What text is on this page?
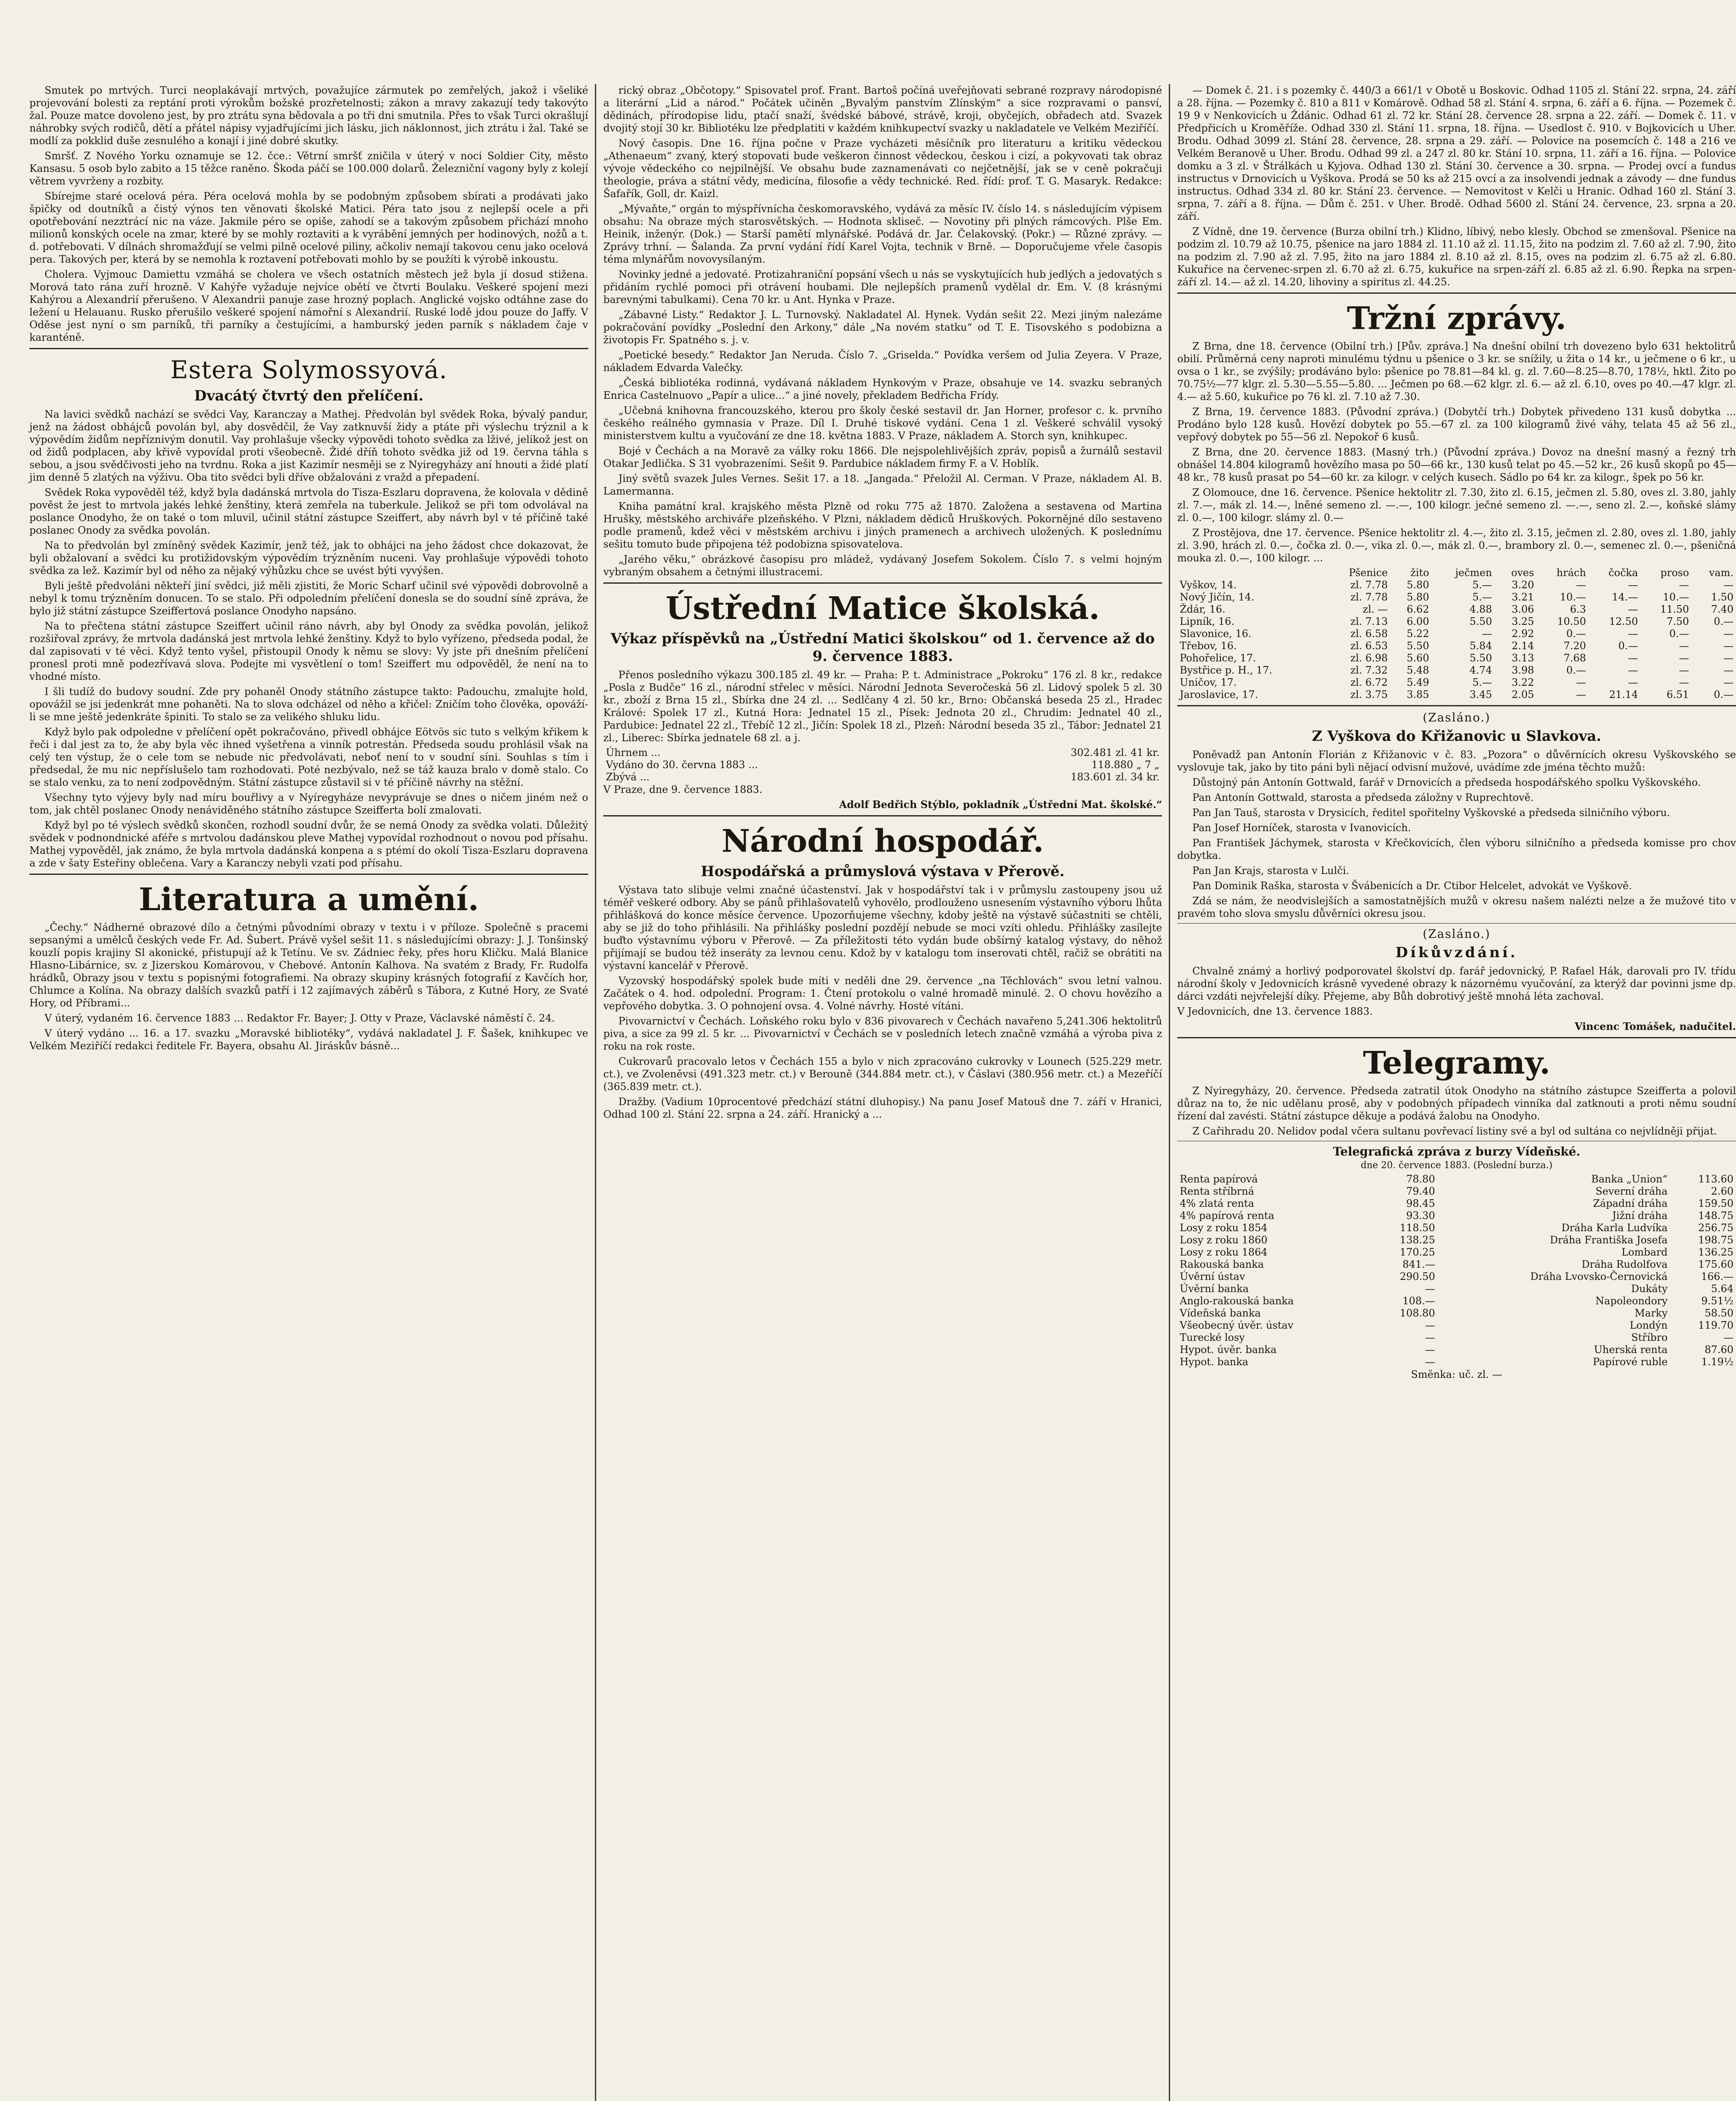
Smutek po mrtvých. Turci neoplakávají mrtvých, považujíce zármutek po zemřelých, jakož i všeliké projevování bolesti za reptání proti výrokům božské prozřetelnosti; zákon a mravy zakazují tedy takovýto žal. Pouze matce dovoleno jest, by pro ztrátu syna bědovala a po tři dni smutnila. Přes to však Turci okrašlují náhrobky svých rodičů, dětí a přátel nápisy vyjadřujícími jich lásku, jich náklonnost, jich ztrátu i žal. Také se modlí za pokklid duše zesnulého a konají i jiné dobré skutky.

Smršť. Z Nového Yorku oznamuje se 12. čce.: Větrní smršť zničila v úterý v noci Soldier City, město Kansasu. 5 osob bylo zabito a 15 těžce raněno. Škoda páčí se 100.000 dolarů. Železniční vagony byly z kolejí větrem vyvrženy a rozbity.

Sbírejme staré ocelová péra. Péra ocelová mohla by se podobným způsobem sbírati a prodávati jako špičky od doutníků a čistý výnos ten věnovati školské Matici. Péra tato jsou z nejlepší ocele a při opotřebování nezztrácí nic na váze. Jakmile péro se opiše, zahodí se a takovým způsobem přichází mnoho milionů konských ocele na zmar, které by se mohly roztaviti a k vyrábění jemných per hodinových, nožů a t. d. potřebovati. V dílnách shromažďují se velmi pilně ocelové piliny, ačkoliv nemají takovou cenu jako ocelová pera. Takových per, která by se nemohla k roztavení potřebovati mohlo by se použíti k výrobě inkoustu.

Cholera. Vyjmouc Damiettu vzmáhá se cholera ve všech ostatních městech jež byla jí dosud stižena. Morová tato rána zuří hrozně. V Kahýře vyžaduje nejvíce obětí ve čtvrti Boulaku. Veškeré spojení mezi Kahýrou a Alexandrií přerušeno. V Alexandrii panuje zase hrozný poplach. Anglické vojsko odtáhne zase do ležení u Helauanu. Rusko přerušilo veškeré spojení námořní s Alexandrií. Ruské lodě jdou pouze do Jaffy. V Oděse jest nyní o sm parníků, tři parníky a čestujícími, a hamburský jeden parník s nákladem čaje v karanténě.

Estera Solymossyová.
Dvacátý čtvrtý den přelíčení.

Na lavici svědků nachází se svědci Vay, Karanczay a Mathej. Předvolán byl svědek Roka, bývalý pandur, jenž na žádost obhájců povolán byl, aby dosvědčil, že Vay zatknuvší židy a ptáte při výslechu trýznil a k výpovědím židům nepříznivým donutil. Vay prohlašuje všecky výpovědi tohoto svědka za lživé, jelikož jest on od židů podplacen, aby křivě vypovídal proti všeobecně. Židé dříň tohoto svědka již od 19. června táhla s sebou, a jsou svědčivosti jeho na tvrdnu. Roka a jist Kazimír nesměji se z Nyiregyházy aní hnouti a židé platí jim denně 5 zlatých na výživu. Oba tito svědci byli dříve obžalováni z vražd a přepadení.

Svědek Roka vypověděl též, když byla dadánská mrtvola do Tisza-Eszlaru dopravena, že kolovala v dědině pověst že jest to mrtvola jakés lehké ženštiny, která zemřela na tuberkule. Jelikož se při tom odvolával na poslance Onodyho, že on také o tom mluvil, učinil státní zástupce Szeiffert, aby návrh byl v té příčině také poslanec Onody za svědka povolán.

Na to předvolán byl zmíněný svědek Kazimír, jenž též, jak to obhájci na jeho žádost chce dokazovat, že byli obžalovaní a svědci ku protižidovským výpovědím trýzněním nuceni. Vay prohlašuje výpovědi tohoto svědka za lež. Kazimír byl od něho za nějaký výhůzku chce se uvést býti vyvýšen.

Byli ještě předvoláni někteří jiní svědci, již měli zjistiti, že Moric Scharf učinil své výpovědi dobrovolně a nebyl k tomu trýzněním donucen. To se stalo. Při odpoledním přelíčení donesla se do soudní síně zpráva, že bylo již státní zástupce Szeiffertová poslance Onodyho napsáno.

Na to přečtena státní zástupce Szeiffert učinil ráno návrh, aby byl Onody za svědka povolán, jelikož rozšiřoval zprávy, že mrtvola dadánská jest mrtvola lehké ženštiny. Když to bylo vyřízeno, předseda podal, že dal zapisovati v té věci. Když tento vyšel, přistoupil Onody k němu se slovy: Vy jste při dnešním přelíčení pronesl proti mně podezřívavá slova. Podejte mi vysvětlení o tom! Szeiffert mu odpověděl, že není na to vhodné místo.

I šli tudíž do budovy soudní. Zde pry pohaněl Onody státního zástupce takto: Padouchu, zmalujte hold, opovážil se jsi jedenkrát mne pohaněti. Na to slova odcházel od něho a křičel: Zničím toho člověka, opováží-li se mne ještě jedenkráte špiniti. To stalo se za velikého shluku lidu.

Když bylo pak odpoledne v přelíčení opět pokračováno, přivedl obhájce Eötvös sic tuto s velkým křikem k řeči i dal jest za to, že aby byla věc ihned vyšetřena a vinník potrestán. Předseda soudu prohlásil však na celý ten výstup, že o cele tom se nebude nic předvolávati, neboť není to v soudní síni. Souhlas s tím i předsedal, že mu nic nepříslušelo tam rozhodovati. Poté nezbývalo, než se táž kauza bralo v domě stalo. Co se stalo venku, za to není zodpovědným. Státní zástupce zůstavil si v té příčině návrhy na stěžní.

Všechny tyto výjevy byly nad míru bouřlivy a v Nyíregyháze nevyprávuje se dnes o ničem jiném než o tom, jak chtěl poslanec Onody nenáviděného státního zástupce Szeifferta bolí zmalovati.

Když byl po té výslech svědků skončen, rozhodl soudní dvůr, že se nemá Onody za svědka volati. Důležitý svědek v podnondnické aféře s mrtvolou dadánskou pleve Mathej vypovídal rozhodnout o novou pod přísahu. Mathej vypověděl, jak známo, že byla mrtvola dadánská konpena a s ptémí do okolí Tisza-Eszlaru dopravena a zde v šaty Esteřiny oblečena. Vary a Karanczy nebyli vzati pod přísahu.

Literatura a umění.

„Čechy.“ Nádherné obrazové dílo a četnými původními obrazy v textu i v příloze. Společně s pracemi sepsanými a umělců českých vede Fr. Ad. Šubert. Právě vyšel sešit 11. s následujícími obrazy: J. J. Tonšinský kouzlí popis krajiny Sl akonické, přistupují až k Tetínu. Ve sv. Zádniec řeky, přes horu Kličku. Malá Blanice Hlasno-Libárnice, sv. z Jizerskou Komárovou, v Chebové. Antonín Kalhova. Na svatém z Brady, Fr. Rudolfa hrádků, Obrazy jsou v textu s popisnými fotografiemi. Na obrazy skupiny krásných fotografií z Kavčích hor, Chlumce a Kolína. Na obrazy dalších svazků patří i 12 zajímavých záběrů s Tábora, z Kutné Hory, ze Svaté Hory, od Příbrami...

V úterý, vydaném 16. července 1883 ... Redaktor Fr. Bayer; J. Otty v Praze, Václavské náměstí č. 24.

V úterý vydáno ... 16. a 17. svazku „Moravské bibliotéky“, vydává nakladatel J. F. Šašek, knihkupec ve Velkém Meziříčí redakci ředitele Fr. Bayera, obsahu Al. Jiráskův básně...

rický obraz „Občotopy.“ Spisovatel prof. Frant. Bartoš počíná uveřejňovati sebrané rozpravy národopisné a literární „Lid a národ.“ Počátek učiněn „Byvalým panstvím Zlínským“ a sice rozpravami o pansví, dědinách, přírodopise lidu, ptačí snaží, švédské bábové, strávě, kroji, obyčejích, obřadech atd. Svazek dvojitý stojí 30 kr. Bibliotéku lze předplatiti v každém knihkupectví svazky u nakladatele ve Velkém Meziříčí.

Nový časopis. Dne 16. října počne v Praze vycházeti měsíčník pro literaturu a kritiku vědeckou „Athenaeum“ zvaný, který stopovati bude veškeron činnost vědeckou, českou i cizí, a pokyvovati tak obraz vývoje vědeckého co nejpilnější. Ve obsahu bude zaznamenávati co nejčetnější, jak se v ceně pokračuji theologie, práva a státní vědy, medicína, filosofie a vědy technické. Red. řídí: prof. T. G. Masaryk. Redakce: Šafařík, Goll, dr. Kaizl.

„Mývaňte,“ orgán to mýspřívnícha českomoravského, vydává za měsíc IV. číslo 14. s následujícím výpisem obsahu: Na obraze mých starosvětských. — Hodnota skliseč. — Novotiny při plných rámcových. Plše Em. Heinik, inženýr. (Dok.) — Starší pamětí mlynářské. Podává dr. Jar. Čelakovský. (Pokr.) — Různé zprávy. — Zprávy trhní. — Šalanda. Za první vydání řídí Karel Vojta, technik v Brně. — Doporučujeme vřele časopis téma mlynářům novovysílaným.

Novinky jedné a jedovaté. Protizahraniční popsání všech u nás se vyskytujících hub jedlých a jedovatých s přidáním rychlé pomoci při otrávení houbami. Dle nejlepších pramenů vydělal dr. Em. V. (8 krásnými barevnými tabulkami). Cena 70 kr. u Ant. Hynka v Praze.

„Zábavné Listy.“ Redaktor J. L. Turnovský. Nakladatel Al. Hynek. Vydán sešit 22. Mezi jiným nalezáme pokračování povídky „Poslední den Arkony,“ dále „Na novém statku“ od T. E. Tisovského s podobizna a životopis Fr. Spatného s. j. v.

„Poetické besedy.“ Redaktor Jan Neruda. Číslo 7. „Griselda.“ Povídka veršem od Julia Zeyera. V Praze, nákladem Edvarda Valečky.

„Česká bibliotéka rodinná, vydávaná nákladem Hynkovým v Praze, obsahuje ve 14. svazku sebraných Enrica Castelnuovo „Papír a ulice...“ a jiné novely, překladem Bedřicha Frídy.

„Učebná knihovna francouzského, kterou pro školy české sestavil dr. Jan Horner, profesor c. k. prvního českého reálného gymnasia v Praze. Díl I. Druhé tiskové vydání. Cena 1 zl. Veškeré schválil vysoký ministerstvem kultu a vyučování ze dne 18. května 1883. V Praze, nákladem A. Storch syn, knihkupec.

Bojé v Čechách a na Moravě za války roku 1866. Dle nejspolehlivějších zpráv, popisů a žurnálů sestavil Otakar Jedlička. S 31 vyobrazeními. Sešit 9. Pardubice nákladem firmy F. a V. Hoblík.

Jiný světů svazek Jules Vernes. Sešit 17. a 18. „Jangada.“ Přeložil Al. Cerman. V Praze, nákladem Al. B. Lamermanna.

Kniha památní kral. krajského města Plzně od roku 775 až 1870. Založena a sestavena od Martina Hrušky, městského archiváře plzeňského. V Plzni, nákladem dědiců Hruškových. Pokornějné dílo sestaveno podle pramenů, kdež věci v městském archivu i jiných pramenech a archivech uložených. K poslednímu sešitu tomuto bude připojena též podobizna spisovatelova.

„Jarého věku,“ obrázkové časopisu pro mládež, vydávaný Josefem Sokolem. Číslo 7. s velmi hojným vybraným obsahem a četnými illustracemi.

Ústřední Matice školská.
Výkaz příspěvků na „Ústřední Matici školskou“ od 1. července až do 9. července 1883.

Přenos posledního výkazu 300.185 zl. 49 kr. — Praha: P. t. Administrace „Pokroku“ 176 zl. 8 kr., redakce „Posla z Budče“ 16 zl., národní střelec v měsíci. Národní Jednota Severočeská 56 zl. Lidový spolek 5 zl. 30 kr., zboží z Brna 15 zl., Sbírka dne 24 zl. ... Sedlčany 4 zl. 50 kr., Brno: Občanská beseda 25 zl., Hradec Králové: Spolek 17 zl., Kutná Hora: Jednatel 15 zl., Písek: Jednota 20 zl., Chrudim: Jednatel 40 zl., Pardubice: Jednatel 22 zl., Třebíč 12 zl., Jičín: Spolek 18 zl., Plzeň: Národní beseda 35 zl., Tábor: Jednatel 21 zl., Liberec: Sbírka jednatele 68 zl. a j.

Úhrnem ...	302.481 zl. 41 kr.
Vydáno do 30. června 1883 ...	118.880 „ 7 „
Zbývá ...	183.601 zl. 34 kr.

V Praze, dne 9. července 1883.

Adolf Bedřich Stýblo, pokladník „Ústřední Mat. školské.“
Národní hospodář.
Hospodářská a průmyslová výstava v Přerově.

Výstava tato slibuje velmi značné účastenství. Jak v hospodářství tak i v průmyslu zastoupeny jsou už téměř veškeré odbory. Aby se pánů přihlašovatelů vyhovělo, prodlouženo usnesením výstavního výboru lhůta přihlášková do konce měsíce července. Upozorňujeme všechny, kdoby ještě na výstavě súčastniti se chtěli, aby se již do toho přihlásili. Na přihlášky poslední pozdějí nebude se moci vzíti ohledu. Přihlášky zasílejte buďto výstavnímu výboru v Přerově. — Za příležitosti této vydán bude obšírný katalog výstavy, do něhož přijímají se budou též inseráty za levnou cenu. Kdož by v katalogu tom inserovati chtěl, račiž se obrátiti na výstavní kancelář v Přerově.

Vyzovský hospodářský spolek bude míti v neděli dne 29. července „na Těchlovách“ svou letní valnou. Začátek o 4. hod. odpolední. Program: 1. Čtení protokolu o valné hromadě minulé. 2. O chovu hovězího a vepřového dobytka. 3. O pohnojení ovsa. 4. Volné návrhy. Hosté vítáni.

Pivovarnictví v Čechách. Loňského roku bylo v 836 pivovarech v Čechách navařeno 5,241.306 hektolitrů piva, a sice za 99 zl. 5 kr. ... Pivovarnictví v Čechách se v posledních letech značně vzmáhá a výroba piva z roku na rok roste.

Cukrovarů pracovalo letos v Čechách 155 a bylo v nich zpracováno cukrovky v Lounech (525.229 metr. ct.), ve Zvoleněvsi (491.323 metr. ct.) v Berouně (344.884 metr. ct.), v Čáslavi (380.956 metr. ct.) a Mezeříčí (365.839 metr. ct.).

Dražby. (Vadium 10procentové předchází státní dluhopisy.) Na panu Josef Matouš dne 7. září v Hranici, Odhad 100 zl. Stání 22. srpna a 24. září. Hranický a ...

— Domek č. 21. i s pozemky č. 440/3 a 661/1 v Obotě u Boskovic. Odhad 1105 zl. Stání 22. srpna, 24. září a 28. října. — Pozemky č. 810 a 811 v Komárově. Odhad 58 zl. Stání 4. srpna, 6. září a 6. října. — Pozemek č. 19 9 v Nenkovicích u Ždánic. Odhad 61 zl. 72 kr. Stání 28. července 28. srpna a 22. září. — Domek č. 11. v Předpřicích u Kroměříže. Odhad 330 zl. Stání 11. srpna, 18. října. — Usedlost č. 910. v Bojkovicích u Uher. Brodu. Odhad 3099 zl. Stání 28. července, 28. srpna a 29. září. — Polovice na posemcích č. 148 a 216 ve Velkém Beranově u Uher. Brodu. Odhad 99 zl. a 247 zl. 80 kr. Stání 10. srpna, 11. září a 16. října. — Polovice domku a 3 zl. v Štrálkách u Kyjova. Odhad 130 zl. Stání 30. července a 30. srpna. — Prodej ovcí a fundus instructus v Drnovicích u Vyškova. Prodá se 50 ks až 215 ovcí a za insolvendi jednak a závody — dne fundus instructus. Odhad 334 zl. 80 kr. Stání 23. července. — Nemovitost v Kelči u Hranic. Odhad 160 zl. Stání 3. srpna, 7. září a 8. října. — Dům č. 251. v Uher. Brodě. Odhad 5600 zl. Stání 24. července, 23. srpna a 20. září.

Z Vídně, dne 19. července (Burza obilní trh.) Klidno, líbivý, nebo klesly. Obchod se zmenšoval. Pšenice na podzim zl. 10.79 až 10.75, pšenice na jaro 1884 zl. 11.10 až zl. 11.15, žito na podzim zl. 7.60 až zl. 7.90, žito na podzim zl. 7.90 až zl. 7.95, žito na jaro 1884 zl. 8.10 až zl. 8.15, oves na podzim zl. 6.75 až zl. 6.80. Kukuřice na červenec-srpen zl. 6.70 až zl. 6.75, kukuřice na srpen-září zl. 6.85 až zl. 6.90. Řepka na srpen-září zl. 14.— až zl. 14.20, lihoviny a spiritus zl. 44.25.

Tržní zprávy.

Z Brna, dne 18. července (Obilní trh.) [Pův. zpráva.] Na dnešní obilní trh dovezeno bylo 631 hektolitrů obilí. Průměrná ceny naproti minulému týdnu u pšenice o 3 kr. se snížily, u žita o 14 kr., u ječmene o 6 kr., u ovsa o 1 kr., se zvýšily; prodáváno bylo: pšenice po 78.81—84 kl. g. zl. 7.60—8.25—8.70, 178½, hktl. Žito po 70.75½—77 klgr. zl. 5.30—5.55—5.80. ... Ječmen po 68.—62 klgr. zl. 6.— až zl. 6.10, oves po 40.—47 klgr. zl. 4.— až 5.60, kukuřice po 76 kl. zl. 7.10 až 7.30.

Z Brna, 19. července 1883. (Původní zpráva.) (Dobytčí trh.) Dobytek přivedeno 131 kusů dobytka ... Prodáno bylo 128 kusů. Hovězí dobytek po 55.—67 zl. za 100 kilogramů živé váhy, telata 45 až 56 zl., vepřový dobytek po 55—56 zl. Nepokoř 6 kusů.

Z Brna, dne 20. července 1883. (Masný trh.) (Původní zpráva.) Dovoz na dnešní masný a řezný trh obnášel 14.804 kilogramů hovězího masa po 50—66 kr., 130 kusů telat po 45.—52 kr., 26 kusů skopů po 45—48 kr., 78 kusů prasat po 54—60 kr. za kilogr. v celých kusech. Sádlo po 64 kr. za kilogr., špek po 56 kr.

Z Olomouce, dne 16. července. Pšenice hektolitr zl. 7.30, žito zl. 6.15, ječmen zl. 5.80, oves zl. 3.80, jahly zl. 7.—, mák zl. 14.—, lněné semeno zl. —.—, 100 kilogr. ječné semeno zl. —.—, seno zl. 2.—, koňské slámy zl. 0.—, 100 kilogr. slámy zl. 0.—

Z Prostějova, dne 17. července. Pšenice hektolitr zl. 4.—, žito zl. 3.15, ječmen zl. 2.80, oves zl. 1.80, jahly zl. 3.90, hrách zl. 0.—, čočka zl. 0.—, vika zl. 0.—, mák zl. 0.—, brambory zl. 0.—, semenec zl. 0.—, pšeničná mouka zl. 0.—, 100 kilogr. ...

	Pšenice	žito	ječmen	oves	hrách	čočka	proso	vam.
Vyškov, 14.	zl. 7.78	5.80	5.—	3.20	—	—	—	—
Nový Jičín, 14.	zl. 7.78	5.80	5.—	3.21	10.—	14.—	10.—	1.50
Ždár, 16.	zl. —	6.62	4.88	3.06	6.3	—	11.50	7.40
Lipník, 16.	zl. 7.13	6.00	5.50	3.25	10.50	12.50	7.50	0.—
Slavonice, 16.	zl. 6.58	5.22	—	2.92	0.—	—	0.—	—
Třebov, 16.	zl. 6.53	5.50	5.84	2.14	7.20	0.—	—	—
Pohořelice, 17.	zl. 6.98	5.60	5.50	3.13	7.68	—	—	—
Bystřice p. H., 17.	zl. 7.32	5.48	4.74	3.98	0.—	—	—	—
Uničov, 17.	zl. 6.72	5.49	5.—	3.22	—	—	—	—
Jaroslavice, 17.	zl. 3.75	3.85	3.45	2.05	—	21.14	6.51	0.—
(Zasláno.)
Z Vyškova do Křižanovic u Slavkova.

Poněvadž pan Antonín Florián z Křižanovic v č. 83. „Pozora“ o důvěrnících okresu Vyškovského se vyslovuje tak, jako by tito páni byli nějací odvisní mužové, uvádíme zde jména těchto mužů:

Důstojný pán Antonín Gottwald, farář v Drnovicích a předseda hospodářského spolku Vyškovského.

Pan Antonín Gottwald, starosta a předseda záložny v Ruprechtově.

Pan Jan Tauš, starosta v Drysicích, ředitel spořitelny Vyškovské a předseda silničního výboru.

Pan Josef Horníček, starosta v Ivanovicích.

Pan František Jáchymek, starosta v Křečkovicích, člen výboru silničního a předseda komisse pro chov dobytka.

Pan Jan Krajs, starosta v Lulči.

Pan Dominik Raška, starosta v Švábenicích a Dr. Ctibor Helcelet, advokát ve Vyškově.

Zdá se nám, že neodvislejších a samostatnějších mužů v okresu našem nalézti nelze a že mužové tito v pravém toho slova smyslu důvěrníci okresu jsou.

(Zasláno.)
Díkůvzdání.

Chvalně známý a horlivý podporovatel školství dp. farář jedovnický, P. Rafael Hák, darovali pro IV. třídu národní školy v Jedovnicích krásně vyvedené obrazy k názornému vyučování, za kterýž dar povinni jsme dp. dárci vzdáti nejvřelejší díky. Přejeme, aby Bůh dobrotivý ještě mnohá léta zachoval.

V Jedovnicích, dne 13. července 1883.

Vincenc Tomášek, nadučitel.
Telegramy.

Z Nyiregyházy, 20. července. Předseda zatratil útok Onodyho na státního zástupce Szeifferta a polovil důraz na to, že nic udělanu prosě, aby v podobných případech vinníka dal zatknouti a proti němu soudní řízení dal zavésti. Státní zástupce děkuje a podává žalobu na Onodyho.

Z Cařihradu 20. Nelidov podal včera sultanu povřevací listiny své a byl od sultána co nejvlídněji přijat.

Telegrafická zpráva z burzy Vídeňské.
dne 20. července 1883. (Poslední burza.)
Renta papírová	78.80	Banka „Union“	113.60
Renta stříbrná	79.40	Severní dráha	2.60
4% zlatá renta	98.45	Západní dráha	159.50
4% papírová renta	93.30	Jižní dráha	148.75
Losy z roku 1854	118.50	Dráha Karla Ludvíka	256.75
Losy z roku 1860	138.25	Dráha Františka Josefa	198.75
Losy z roku 1864	170.25	Lombard	136.25
Rakouská banka	841.—	Dráha Rudolfova	175.60
Úvěrní ústav	290.50	Dráha Lvovsko-Černovická	166.—
Úvěrní banka	—	Dukáty	5.64
Anglo-rakouská banka	108.—	Napoleondory	9.51½
Vídeňská banka	108.80	Marky	58.50
Všeobecný úvěr. ústav	—	Londýn	119.70
Turecké losy	—	Stříbro	—
Hypot. úvěr. banka	—	Uherská renta	87.60
Hypot. banka	—	Papírové ruble	1.19½

Směnka: uč. zl. —
